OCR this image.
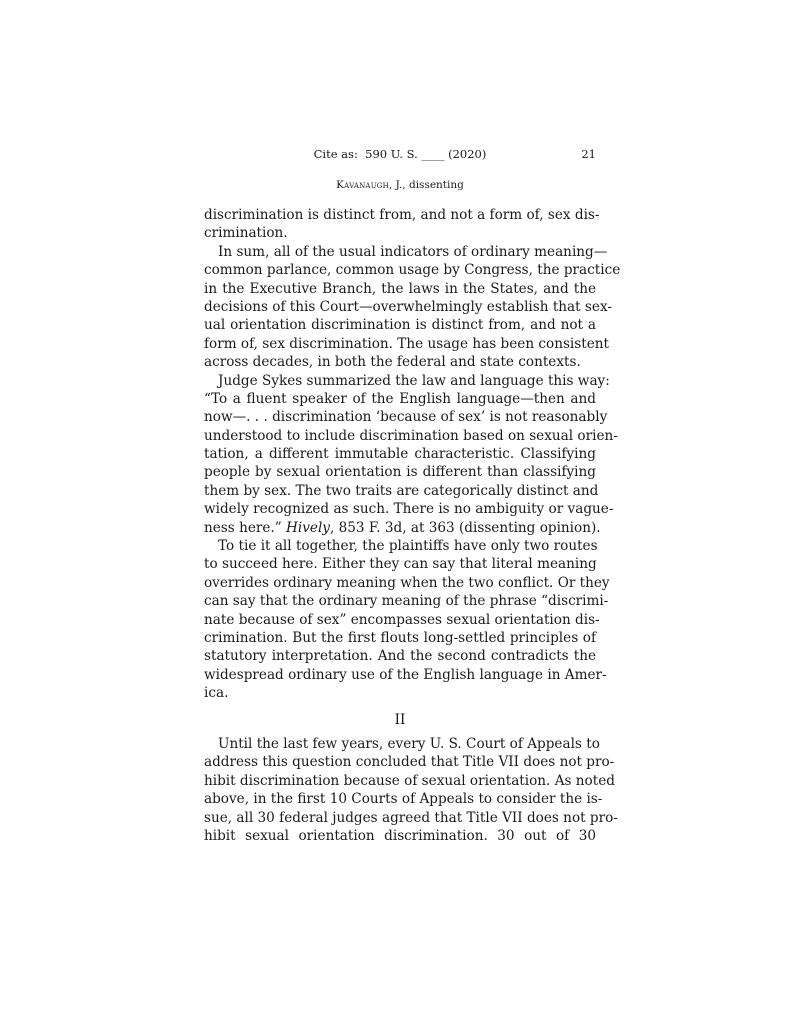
Cite as:  590 U. S. ____ (2020)	21
Kavanaugh, J., dissenting
discrimination is distinct from, and not a form of, sex dis-
crimination.
In sum, all of the usual indicators of ordinary meaning—
common parlance, common usage by Congress, the practice
in the Executive Branch, the laws in the States, and the
decisions of this Court—overwhelmingly establish that sex-
ual orientation discrimination is distinct from, and not a
form of, sex discrimination. The usage has been consistent
across decades, in both the federal and state contexts.
Judge Sykes summarized the law and language this way:
“To a fluent speaker of the English language—then and
now—. . . discrimination ‘because of sex’ is not reasonably
understood to include discrimination based on sexual orien-
tation, a different immutable characteristic. Classifying
people by sexual orientation is different than classifying
them by sex. The two traits are categorically distinct and
widely recognized as such. There is no ambiguity or vague-
ness here.” Hively, 853 F. 3d, at 363 (dissenting opinion).
To tie it all together, the plaintiffs have only two routes
to succeed here. Either they can say that literal meaning
overrides ordinary meaning when the two conflict. Or they
can say that the ordinary meaning of the phrase “discrimi-
nate because of sex” encompasses sexual orientation dis-
crimination. But the first flouts long-settled principles of
statutory interpretation. And the second contradicts the
widespread ordinary use of the English language in Amer-
ica.
II
Until the last few years, every U. S. Court of Appeals to
address this question concluded that Title VII does not pro-
hibit discrimination because of sexual orientation. As noted
above, in the first 10 Courts of Appeals to consider the is-
sue, all 30 federal judges agreed that Title VII does not pro-
hibit sexual orientation discrimination. 30 out of 30
